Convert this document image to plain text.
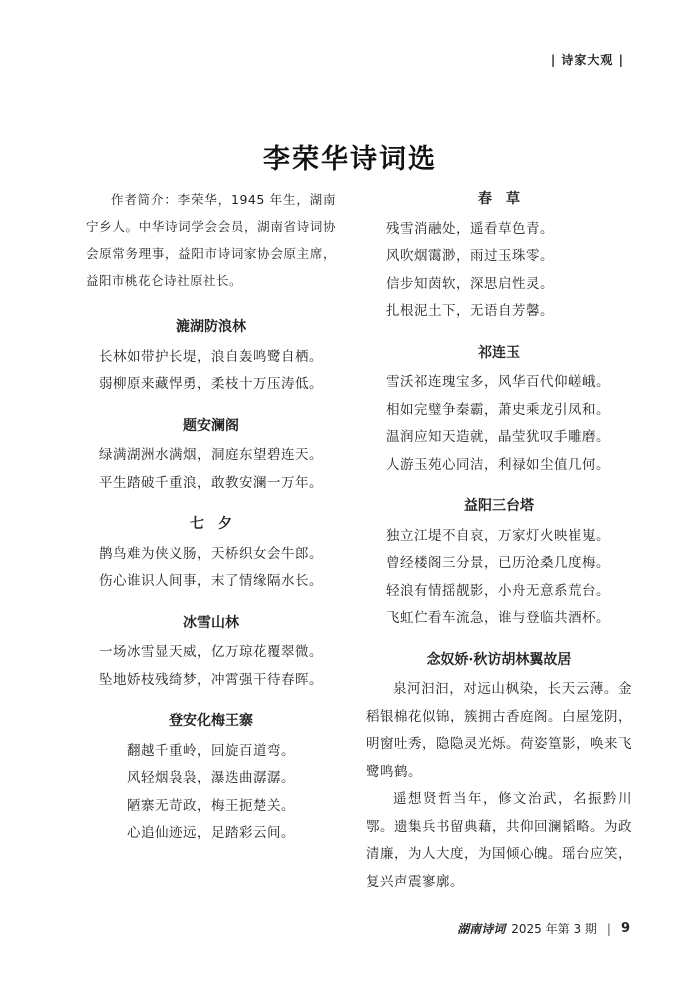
| 诗家大观 |
李荣华诗词选

作者简介：李荣华，1945 年生，湖南宁乡人。中华诗词学会会员，湖南省诗词协会原常务理事，益阳市诗词家协会原主席，益阳市桃花仑诗社原社长。

漉湖防浪林
长林如带护长堤，浪自轰鸣鹭自栖。
弱柳原来藏悍勇，柔枝十万压涛低。
题安澜阁
绿满湖洲水满烟，洞庭东望碧连天。
平生踏破千重浪，敢教安澜一万年。
七　夕
鹊鸟难为侠义肠，天桥织女会牛郎。
伤心谁识人间事，末了情缘隔水长。
冰雪山林
一场冰雪显天威，亿万琼花覆翠微。
坠地娇枝残绮梦，冲霄强干待春晖。
登安化梅王寨
翻越千重岭，回旋百道弯。
风轻烟袅袅，瀑迭曲潺潺。
陋寨无苛政，梅王扼楚关。
心追仙迹远，足踏彩云间。
春　草
残雪消融处，遥看草色青。
风吹烟霭渺，雨过玉珠零。
信步知茵软，深思启性灵。
扎根泥土下，无语自芳馨。
祁连玉
雪沃祁连瑰宝多，风华百代仰嵯峨。
相如完璧争秦霸，萧史乘龙引凤和。
温润应知天造就，晶莹犹叹手雕磨。
人游玉苑心同洁，利禄如尘值几何。
益阳三台塔
独立江堤不自哀，万家灯火映崔嵬。
曾经楼阁三分景，已历沧桑几度梅。
轻浪有情揺靓影，小舟无意系荒台。
飞虹伫看车流急，谁与登临共酒杯。
念奴娇·秋访胡林翼故居

泉河汩汩，对远山枫染，长天云薄。金稻银棉花似锦，簇拥古香庭阁。白屋笼阴，明窗吐秀，隐隐灵光烁。荷姿篁影，唤来飞鹭鸣鹤。

遥想贤哲当年，修文治武，名振黔川鄂。遗集兵书留典藉，共仰回澜韬略。为政清廉，为人大度，为国倾心魄。瑶台应笑，复兴声震寥廓。

湖南诗词 2025 年第 3 期 | 9
